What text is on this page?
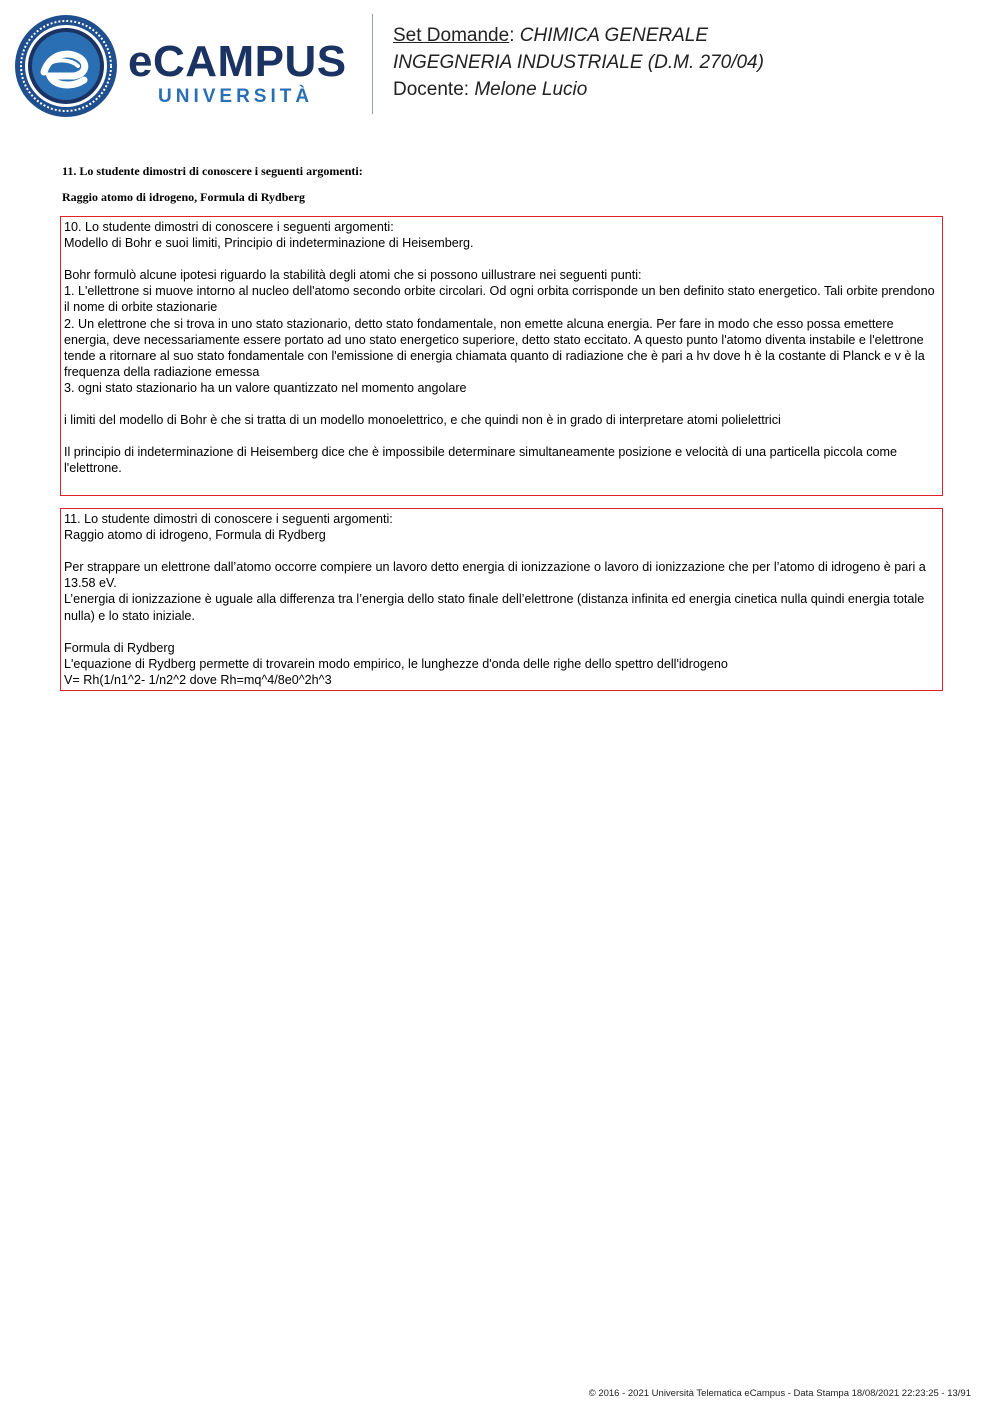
eCAMPUS
UNIVERSITÀ
Set Domande: CHIMICA GENERALE
INGEGNERIA INDUSTRIALE (D.M. 270/04)
Docente: Melone Lucio
11. Lo studente dimostri di conoscere i seguenti argomenti:
Raggio atomo di idrogeno, Formula di Rydberg

10. Lo studente dimostri di conoscere i seguenti argomenti:

Modello di Bohr e suoi limiti, Principio di indeterminazione di Heisemberg.

Bohr formulò alcune ipotesi riguardo la stabilità degli atomi che si possono uillustrare nei seguenti punti:

1. L'ellettrone si muove intorno al nucleo dell'atomo secondo orbite circolari. Od ogni orbita corrisponde un ben definito stato energetico. Tali orbite prendono il nome di orbite stazionarie

2. Un elettrone che si trova in uno stato stazionario, detto stato fondamentale, non emette alcuna energia. Per fare in modo che esso possa emettere energia, deve necessariamente essere portato ad uno stato energetico superiore, detto stato eccitato. A questo punto l'atomo diventa instabile e l'elettrone tende a ritornare al suo stato fondamentale con l'emissione di energia chiamata quanto di radiazione che è pari a hv dove h è la costante di Planck e v è la frequenza della radiazione emessa

3. ogni stato stazionario ha un valore quantizzato nel momento angolare

i limiti del modello di Bohr è che si tratta di un modello monoelettrico, e che quindi non è in grado di interpretare atomi polielettrici

Il principio di indeterminazione di Heisemberg dice che è impossibile determinare simultaneamente posizione e velocità di una particella piccola come l'elettrone.

11. Lo studente dimostri di conoscere i seguenti argomenti:

Raggio atomo di idrogeno, Formula di Rydberg

Per strappare un elettrone dall’atomo occorre compiere un lavoro detto energia di ionizzazione o lavoro di ionizzazione che per l’atomo di idrogeno è pari a 13.58 eV.

L’energia di ionizzazione è uguale alla differenza tra l’energia dello stato finale dell’elettrone (distanza infinita ed energia cinetica nulla quindi energia totale nulla) e lo stato iniziale.

Formula di Rydberg

L'equazione di Rydberg permette di trovarein modo empirico, le lunghezze d'onda delle righe dello spettro dell'idrogeno

V= Rh(1/n1^2- 1/n2^2 dove Rh=mq^4/8e0^2h^3

© 2016 - 2021 Università Telematica eCampus - Data Stampa 18/08/2021 22:23:25 - 13/91
